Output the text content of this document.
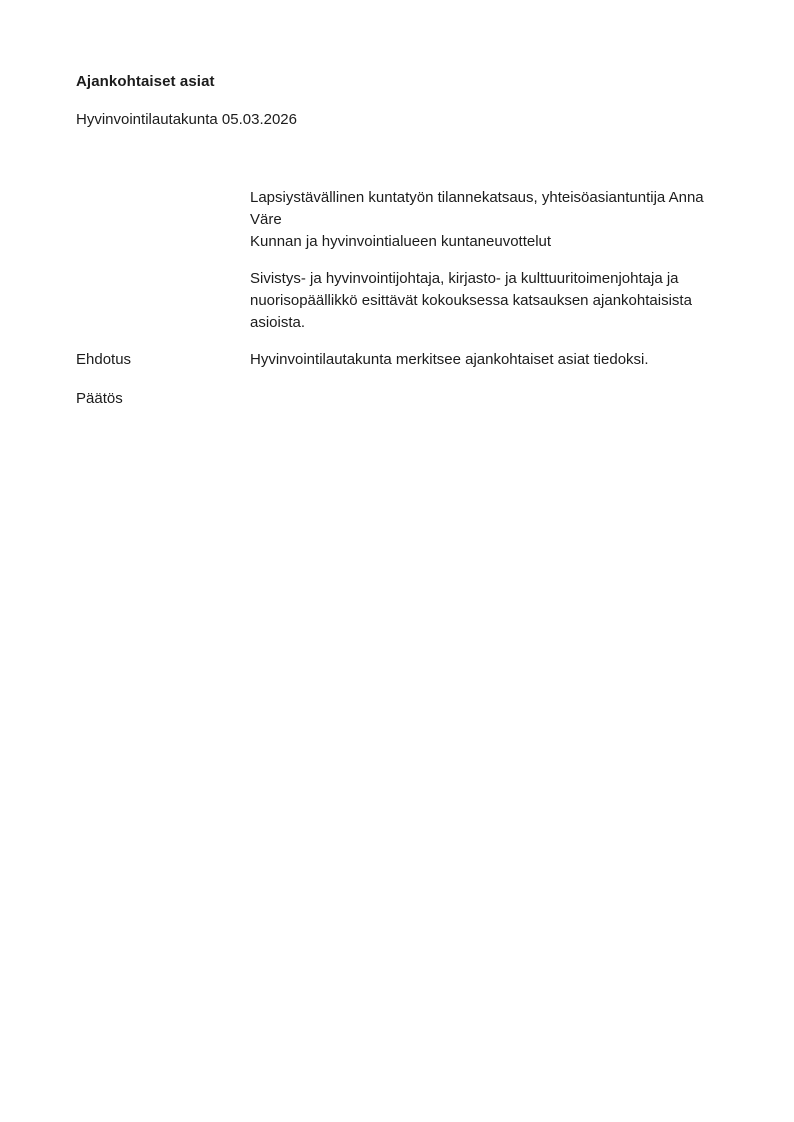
Ajankohtaiset asiat

Hyvinvointilautakunta 05.03.2026

Lapsiystävällinen kuntatyön tilannekatsaus, yhteisöasiantuntija Anna Väre
Kunnan ja hyvinvointialueen kuntaneuvottelut

Sivistys- ja hyvinvointijohtaja, kirjasto- ja kulttuuritoimenjohtaja ja
nuorisopäällikkö esittävät kokouksessa katsauksen ajankohtaisista asioista.

Ehdotus	Hyvinvointilautakunta merkitsee ajankohtaiset asiat tiedoksi.

Päätös
